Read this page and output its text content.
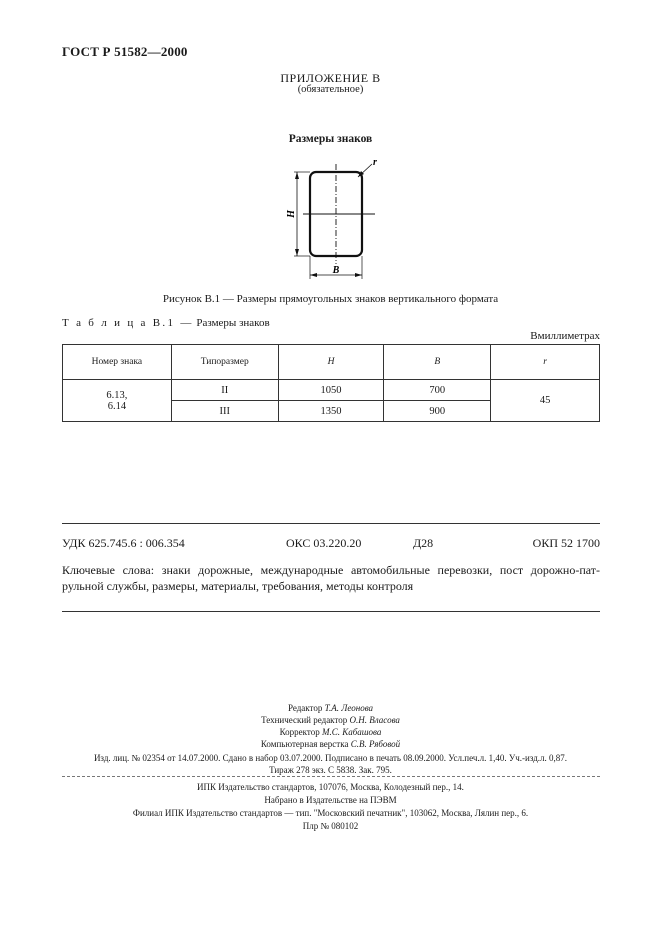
ГОСТ Р 51582—2000
ПРИЛОЖЕНИЕ В
(обязательное)
Размеры знаков
H
B
r
Рисунок В.1 — Размеры прямоугольных знаков вертикального формата
Т а б л и ц а В.1 — Размеры знаков
Вмиллиметрах
Номер знака	Типоразмер	H	B	r

6.13,
6.14	II	1050	700	45
	III	1350	900	
УДК 625.745.6 : 006.354	ОКС 03.220.20	Д28	ОКП 52 1700
Ключевые слова: знаки дорожные, международные автомобильные перевозки, пост дорожно-пат-рульной службы, размеры, материалы, требования, методы контроля
Редактор Т.А. Леонова
Технический редактор О.Н. Власова
Корректор М.С. Кабашова
Компьютерная верстка С.В. Рябовой
Изд. лиц. № 02354 от 14.07.2000. Сдано в набор 03.07.2000. Подписано в печать 08.09.2000. Усл.печ.л. 1,40. Уч.-изд.л. 0,87.
Тираж 278 экз. С 5838. Зак. 795.
ИПК Издательство стандартов, 107076, Москва, Колодезный пер., 14.
Набрано в Издательстве на ПЭВМ
Филиал ИПК Издательство стандартов — тип. "Московский печатник", 103062, Москва, Лялин пер., 6.
Плр № 080102
